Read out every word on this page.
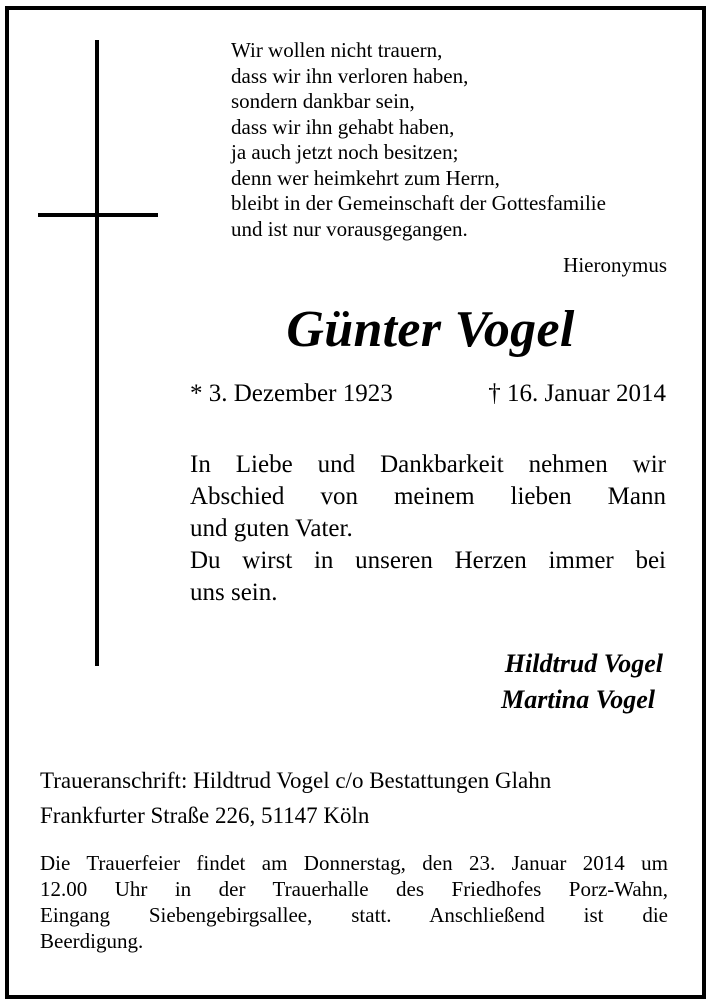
Wir wollen nicht trauern,
dass wir ihn verloren haben,
sondern dankbar sein,
dass wir ihn gehabt haben,
ja auch jetzt noch besitzen;
denn wer heimkehrt zum Herrn,
bleibt in der Gemeinschaft der Gottesfamilie
und ist nur vorausgegangen.
Hieronymus
Günter Vogel
* 3. Dezember 1923	† 16. Januar 2014

In Liebe und Dankbarkeit nehmen wir

Abschied von meinem lieben Mann

und guten Vater.

Du wirst in unseren Herzen immer bei

uns sein.

Hildtrud Vogel
Martina Vogel
Traueranschrift: Hildtrud Vogel c/o Bestattungen Glahn
Frankfurter Straße 226, 51147 Köln
Die Trauerfeier findet am Donnerstag, den 23. Januar 2014 um
12.00 Uhr in der Trauerhalle des Friedhofes Porz-Wahn,
Eingang Siebengebirgsallee, statt. Anschließend ist die
Beerdigung.
